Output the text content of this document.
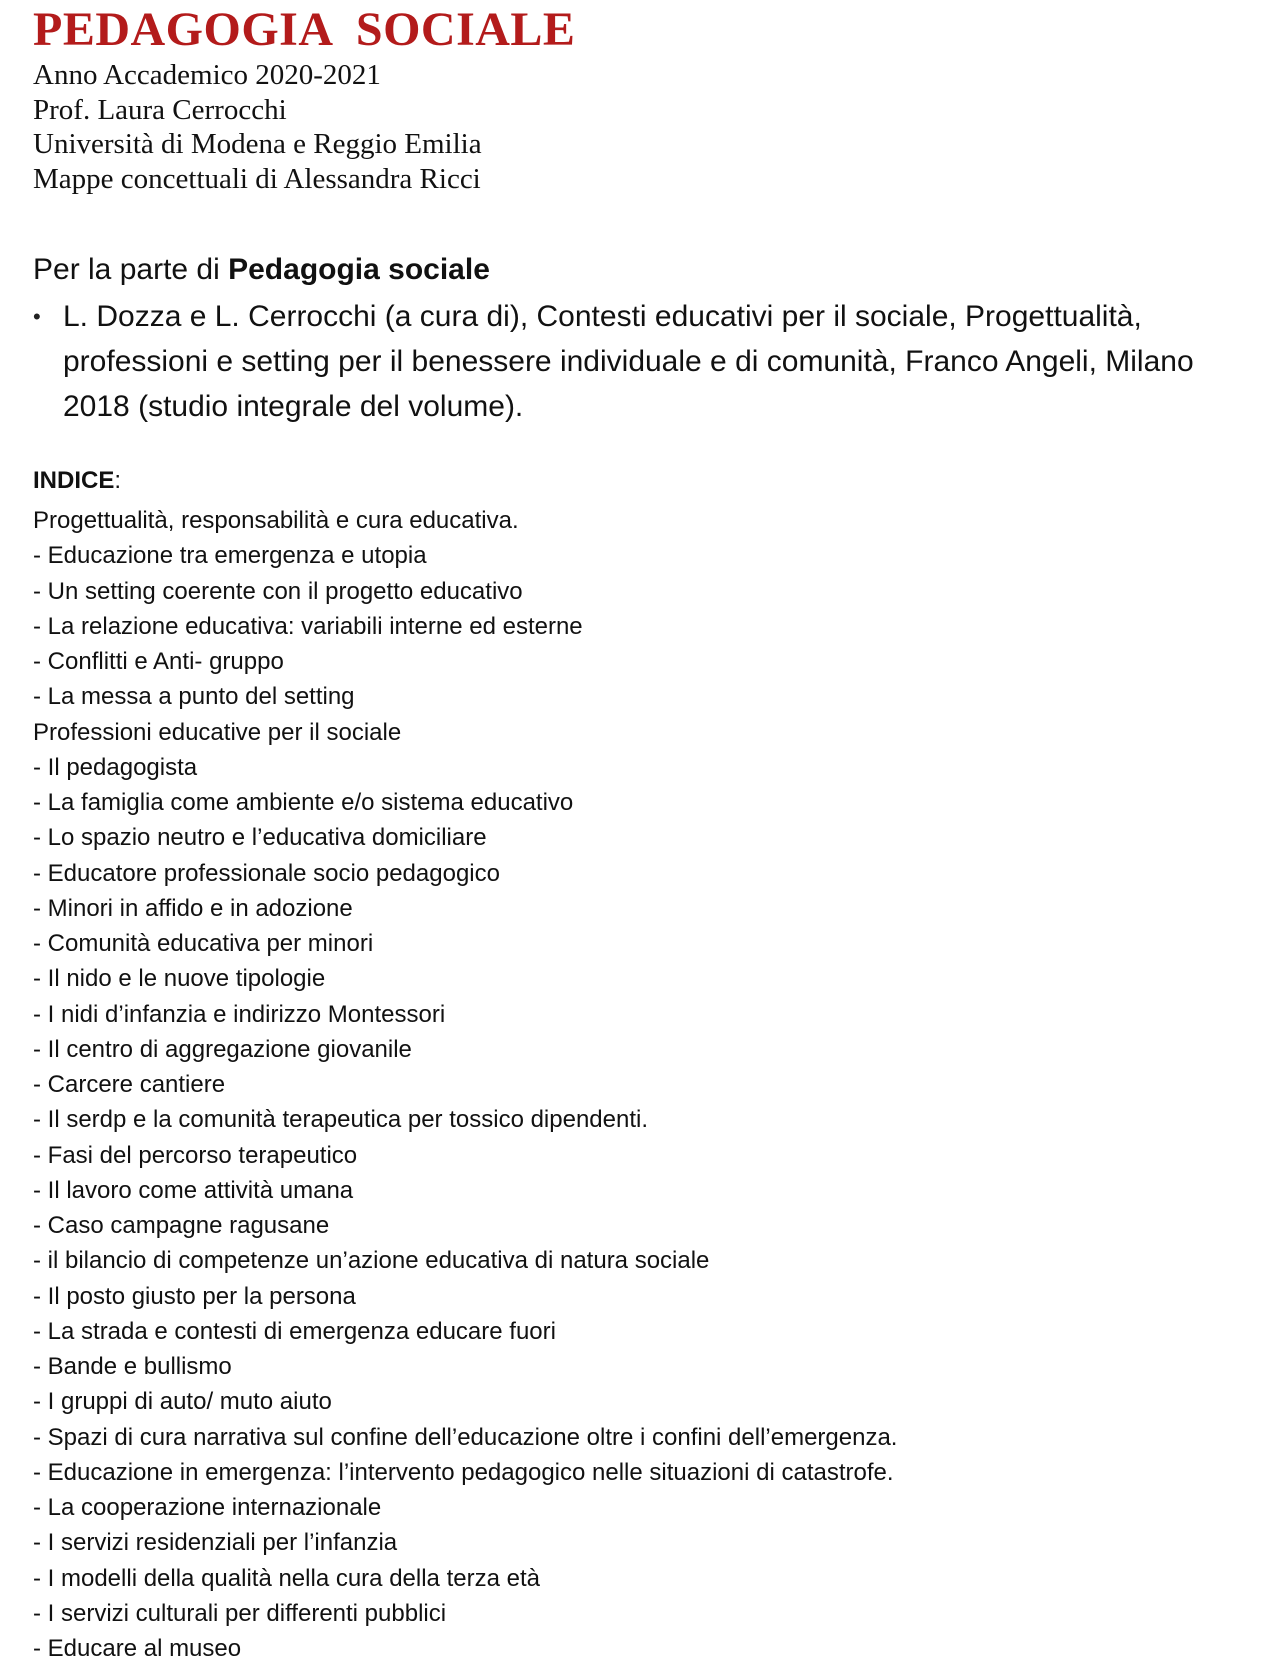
PEDAGOGIA  SOCIALE
Anno Accademico 2020-2021
Prof. Laura Cerrocchi
Università di Modena e Reggio Emilia
Mappe concettuali di Alessandra Ricci
Per la parte di Pedagogia sociale
• L. Dozza e L. Cerrocchi (a cura di), Contesti educativi per il sociale, Progettualità, professioni e setting per il benessere individuale e di comunità, Franco Angeli, Milano 2018 (studio integrale del volume).
INDICE:
Progettualità, responsabilità e cura educativa.
- Educazione tra emergenza e utopia
- Un setting coerente con il progetto educativo
- La relazione educativa: variabili interne ed esterne
- Conflitti e Anti- gruppo
- La messa a punto del setting
Professioni educative per il sociale
- Il pedagogista
- La famiglia come ambiente e/o sistema educativo
- Lo spazio neutro e l’educativa domiciliare
- Educatore professionale socio pedagogico
- Minori in affido e in adozione
- Comunità educativa per minori
- Il nido e le nuove tipologie
- I nidi d’infanzia e indirizzo Montessori
- Il centro di aggregazione giovanile
- Carcere cantiere
- Il serdp e la comunità terapeutica per tossico dipendenti.
- Fasi del percorso terapeutico
- Il lavoro come attività umana
- Caso campagne ragusane
- il bilancio di competenze un’azione educativa di natura sociale
- Il posto giusto per la persona
- La strada e contesti di emergenza educare fuori
- Bande e bullismo
- I gruppi di auto/ muto aiuto
- Spazi di cura narrativa sul confine dell’educazione oltre i confini dell’emergenza.
- Educazione in emergenza: l’intervento pedagogico nelle situazioni di catastrofe.
- La cooperazione internazionale
- I servizi residenziali per l’infanzia
- I modelli della qualità nella cura della terza età
- I servizi culturali per differenti pubblici
- Educare al museo
